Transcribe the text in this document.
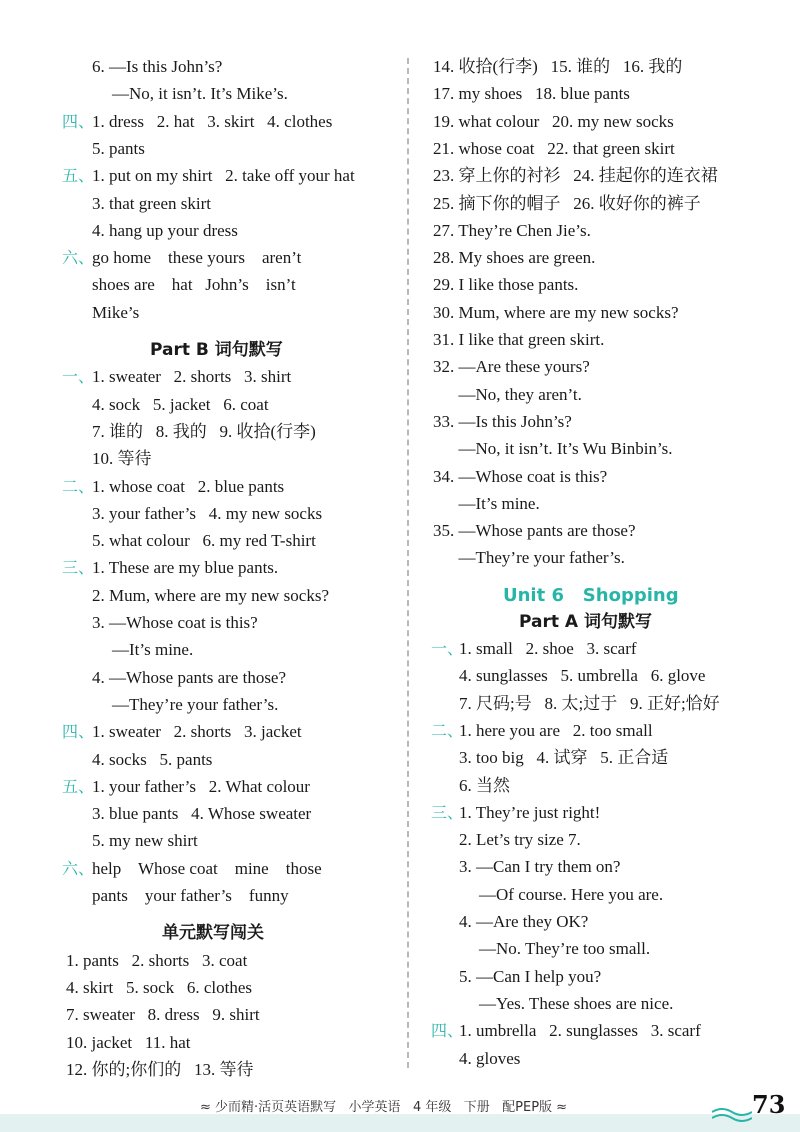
6. —Is this John’s?
—No, it isn’t. It’s Mike’s.
四、
1. dress   2. hat   3. skirt   4. clothes
5. pants
五、
1. put on my shirt   2. take off your hat
3. that green skirt
4. hang up your dress
六、
go home    these yours    aren’t
shoes are    hat   John’s    isn’t
Mike’s
Part B 词句默写
一、
1. sweater   2. shorts   3. shirt
4. sock   5. jacket   6. coat
7. 谁的   8. 我的   9. 收拾(行李)
10. 等待
二、
1. whose coat   2. blue pants
3. your father’s   4. my new socks
5. what colour   6. my red T-shirt
三、
1. These are my blue pants.
2. Mum, where are my new socks?
3. —Whose coat is this?
—It’s mine.
4. —Whose pants are those?
—They’re your father’s.
四、
1. sweater   2. shorts   3. jacket
4. socks   5. pants
五、
1. your father’s   2. What colour
3. blue pants   4. Whose sweater
5. my new shirt
六、
help    Whose coat    mine    those
pants    your father’s    funny
单元默写闯关
1. pants   2. shorts   3. coat
4. skirt   5. sock   6. clothes
7. sweater   8. dress   9. shirt
10. jacket   11. hat
12. 你的;你们的   13. 等待
14. 收拾(行李)   15. 谁的   16. 我的
17. my shoes   18. blue pants
19. what colour   20. my new socks
21. whose coat   22. that green skirt
23. 穿上你的衬衫   24. 挂起你的连衣裙
25. 摘下你的帽子   26. 收好你的裤子
27. They’re Chen Jie’s.
28. My shoes are green.
29. I like those pants.
30. Mum, where are my new socks?
31. I like that green skirt.
32. —Are these yours?
—No, they aren’t.
33. —Is this John’s?
—No, it isn’t. It’s Wu Binbin’s.
34. —Whose coat is this?
—It’s mine.
35. —Whose pants are those?
—They’re your father’s.
Unit 6   Shopping
Part A 词句默写
一、
1. small   2. shoe   3. scarf
4. sunglasses   5. umbrella   6. glove
7. 尺码;号   8. 太;过于   9. 正好;恰好
二、
1. here you are   2. too small
3. too big   4. 试穿   5. 正合适
6. 当然
三、
1. They’re just right!
2. Let’s try size 7.
3. —Can I try them on?
—Of course. Here you are.
4. —Are they OK?
—No. They’re too small.
5. —Can I help you?
—Yes. These shoes are nice.
四、
1. umbrella   2. sunglasses   3. scarf
4. gloves
≈ 少而精·活页英语默写   小学英语   4 年级   下册   配PEP版 ≈	73
